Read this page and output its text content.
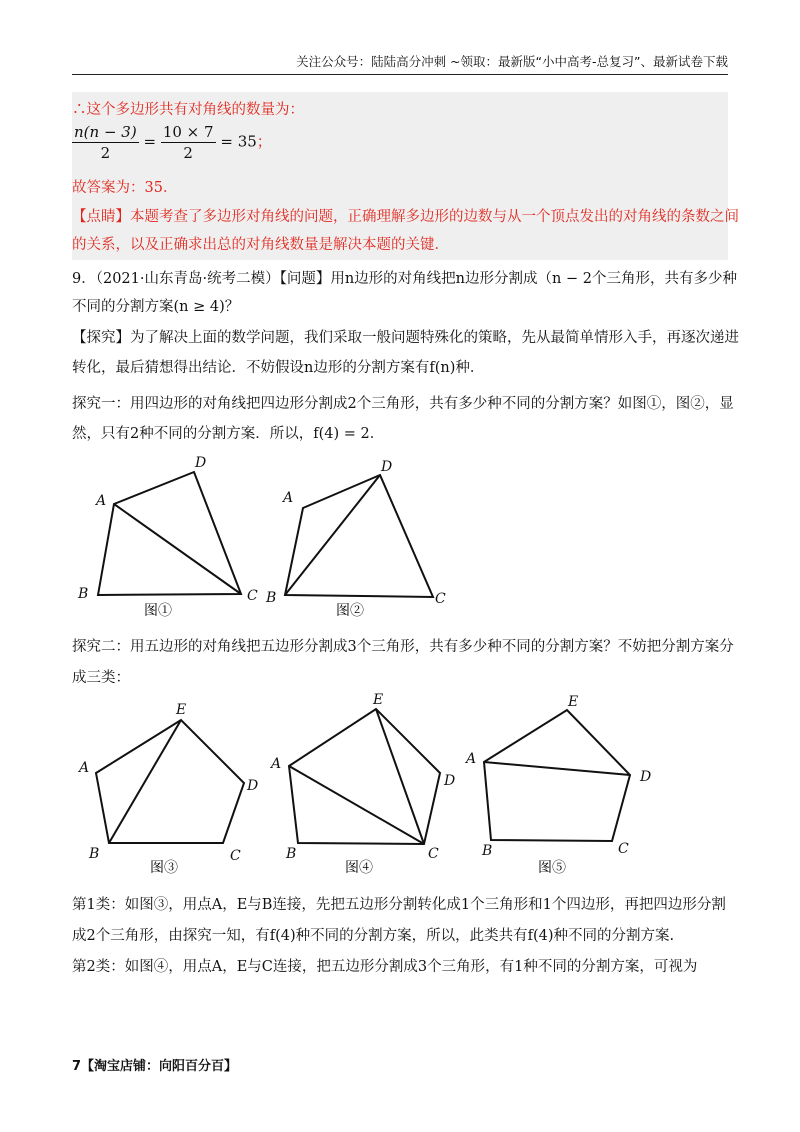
关注公众号：陆陆高分冲刺 ~领取：最新版“小中高考-总复习”、最新试卷下载
∴这个多边形共有对角线的数量为：
$\frac{n(n - 3)}{2} = \frac{10 \times 7}{2} = 35$；
故答案为：35．
【点睛】本题考查了多边形对角线的问题，正确理解多边形的边数与从一个顶点发出的对角线的条数之间
的关系，以及正确求出总的对角线数量是解决本题的关键．
9．（2021·山东青岛·统考二模）【问题】用n边形的对角线把n边形分割成（n − 2个三角形，共有多少种
不同的分割方案(n ≥ 4)？
【探究】为了解决上面的数学问题，我们采取一般问题特殊化的策略，先从最简单情形入手，再逐次递进
转化，最后猜想得出结论．不妨假设n边形的分割方案有f(n)种．
探究一：用四边形的对角线把四边形分割成2个三角形，共有多少种不同的分割方案？如图①，图②，显
然，只有2种不同的分割方案．所以，f(4) = 2．
A
B	C
D
图①
A
B	C
D
图②
探究二：用五边形的对角线把五边形分割成3个三角形，共有多少种不同的分割方案？不妨把分割方案分
成三类：
A
B	C
D
E
图③
A
B	C
D
E
图④
A
B	C
D
E
图⑤
第1类：如图③，用点A，E与B连接，先把五边形分割转化成1个三角形和1个四边形，再把四边形分割
成2个三角形，由探究一知，有f(4)种不同的分割方案，所以，此类共有f(4)种不同的分割方案.
第2类：如图④，用点A，E与C连接，把五边形分割成3个三角形，有1种不同的分割方案，可视为
7【淘宝店铺：向阳百分百】
